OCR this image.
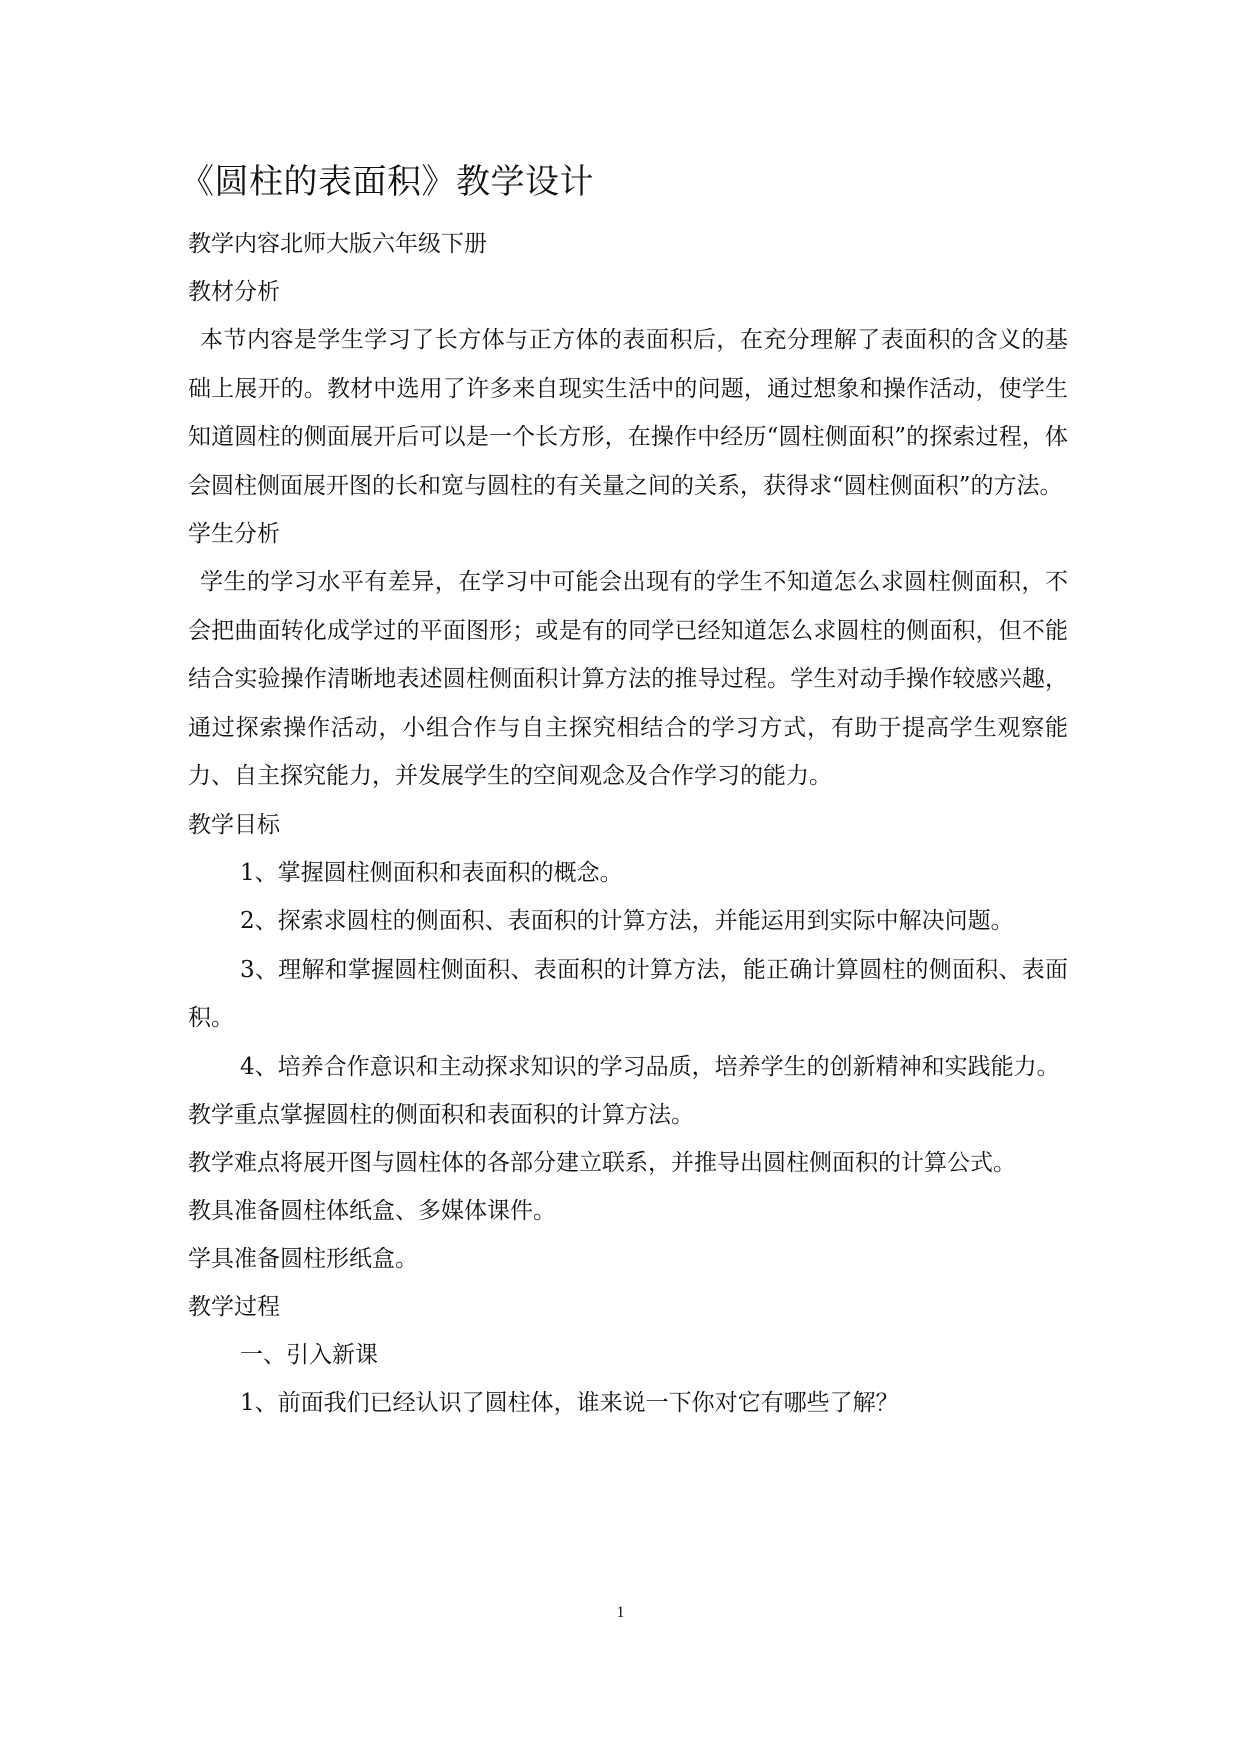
《圆柱的表面积》教学设计

教学内容北师大版六年级下册

教材分析

本节内容是学生学习了长方体与正方体的表面积后，在充分理解了表面积的含义的基础上展开的。教材中选用了许多来自现实生活中的问题，通过想象和操作活动，使学生知道圆柱的侧面展开后可以是一个长方形，在操作中经历“圆柱侧面积”的探索过程，体会圆柱侧面展开图的长和宽与圆柱的有关量之间的关系，获得求“圆柱侧面积”的方法。

学生分析

学生的学习水平有差异，在学习中可能会出现有的学生不知道怎么求圆柱侧面积，不会把曲面转化成学过的平面图形；或是有的同学已经知道怎么求圆柱的侧面积，但不能结合实验操作清晰地表述圆柱侧面积计算方法的推导过程。学生对动手操作较感兴趣，通过探索操作活动，小组合作与自主探究相结合的学习方式，有助于提高学生观察能力、自主探究能力，并发展学生的空间观念及合作学习的能力。

教学目标

1、掌握圆柱侧面积和表面积的概念。

2、探索求圆柱的侧面积、表面积的计算方法，并能运用到实际中解决问题。

3、理解和掌握圆柱侧面积、表面积的计算方法，能正确计算圆柱的侧面积、表面积。

4、培养合作意识和主动探求知识的学习品质，培养学生的创新精神和实践能力。

教学重点掌握圆柱的侧面积和表面积的计算方法。

教学难点将展开图与圆柱体的各部分建立联系，并推导出圆柱侧面积的计算公式。

教具准备圆柱体纸盒、多媒体课件。

学具准备圆柱形纸盒。

教学过程

一、引入新课

1、前面我们已经认识了圆柱体，谁来说一下你对它有哪些了解？

1
